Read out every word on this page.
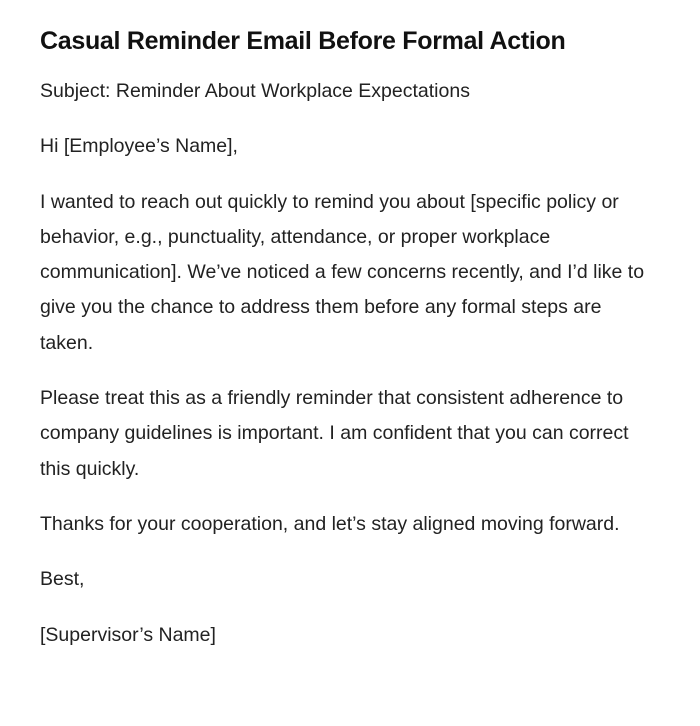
Casual Reminder Email Before Formal Action

Subject: Reminder About Workplace Expectations

Hi [Employee’s Name],

I wanted to reach out quickly to remind you about [specific policy or behavior, e.g., punctuality, attendance, or proper workplace communication]. We’ve noticed a few concerns recently, and I’d like to give you the chance to address them before any formal steps are taken.

Please treat this as a friendly reminder that consistent adherence to company guidelines is important. I am confident that you can correct this quickly.

Thanks for your cooperation, and let’s stay aligned moving forward.

Best,

[Supervisor’s Name]
